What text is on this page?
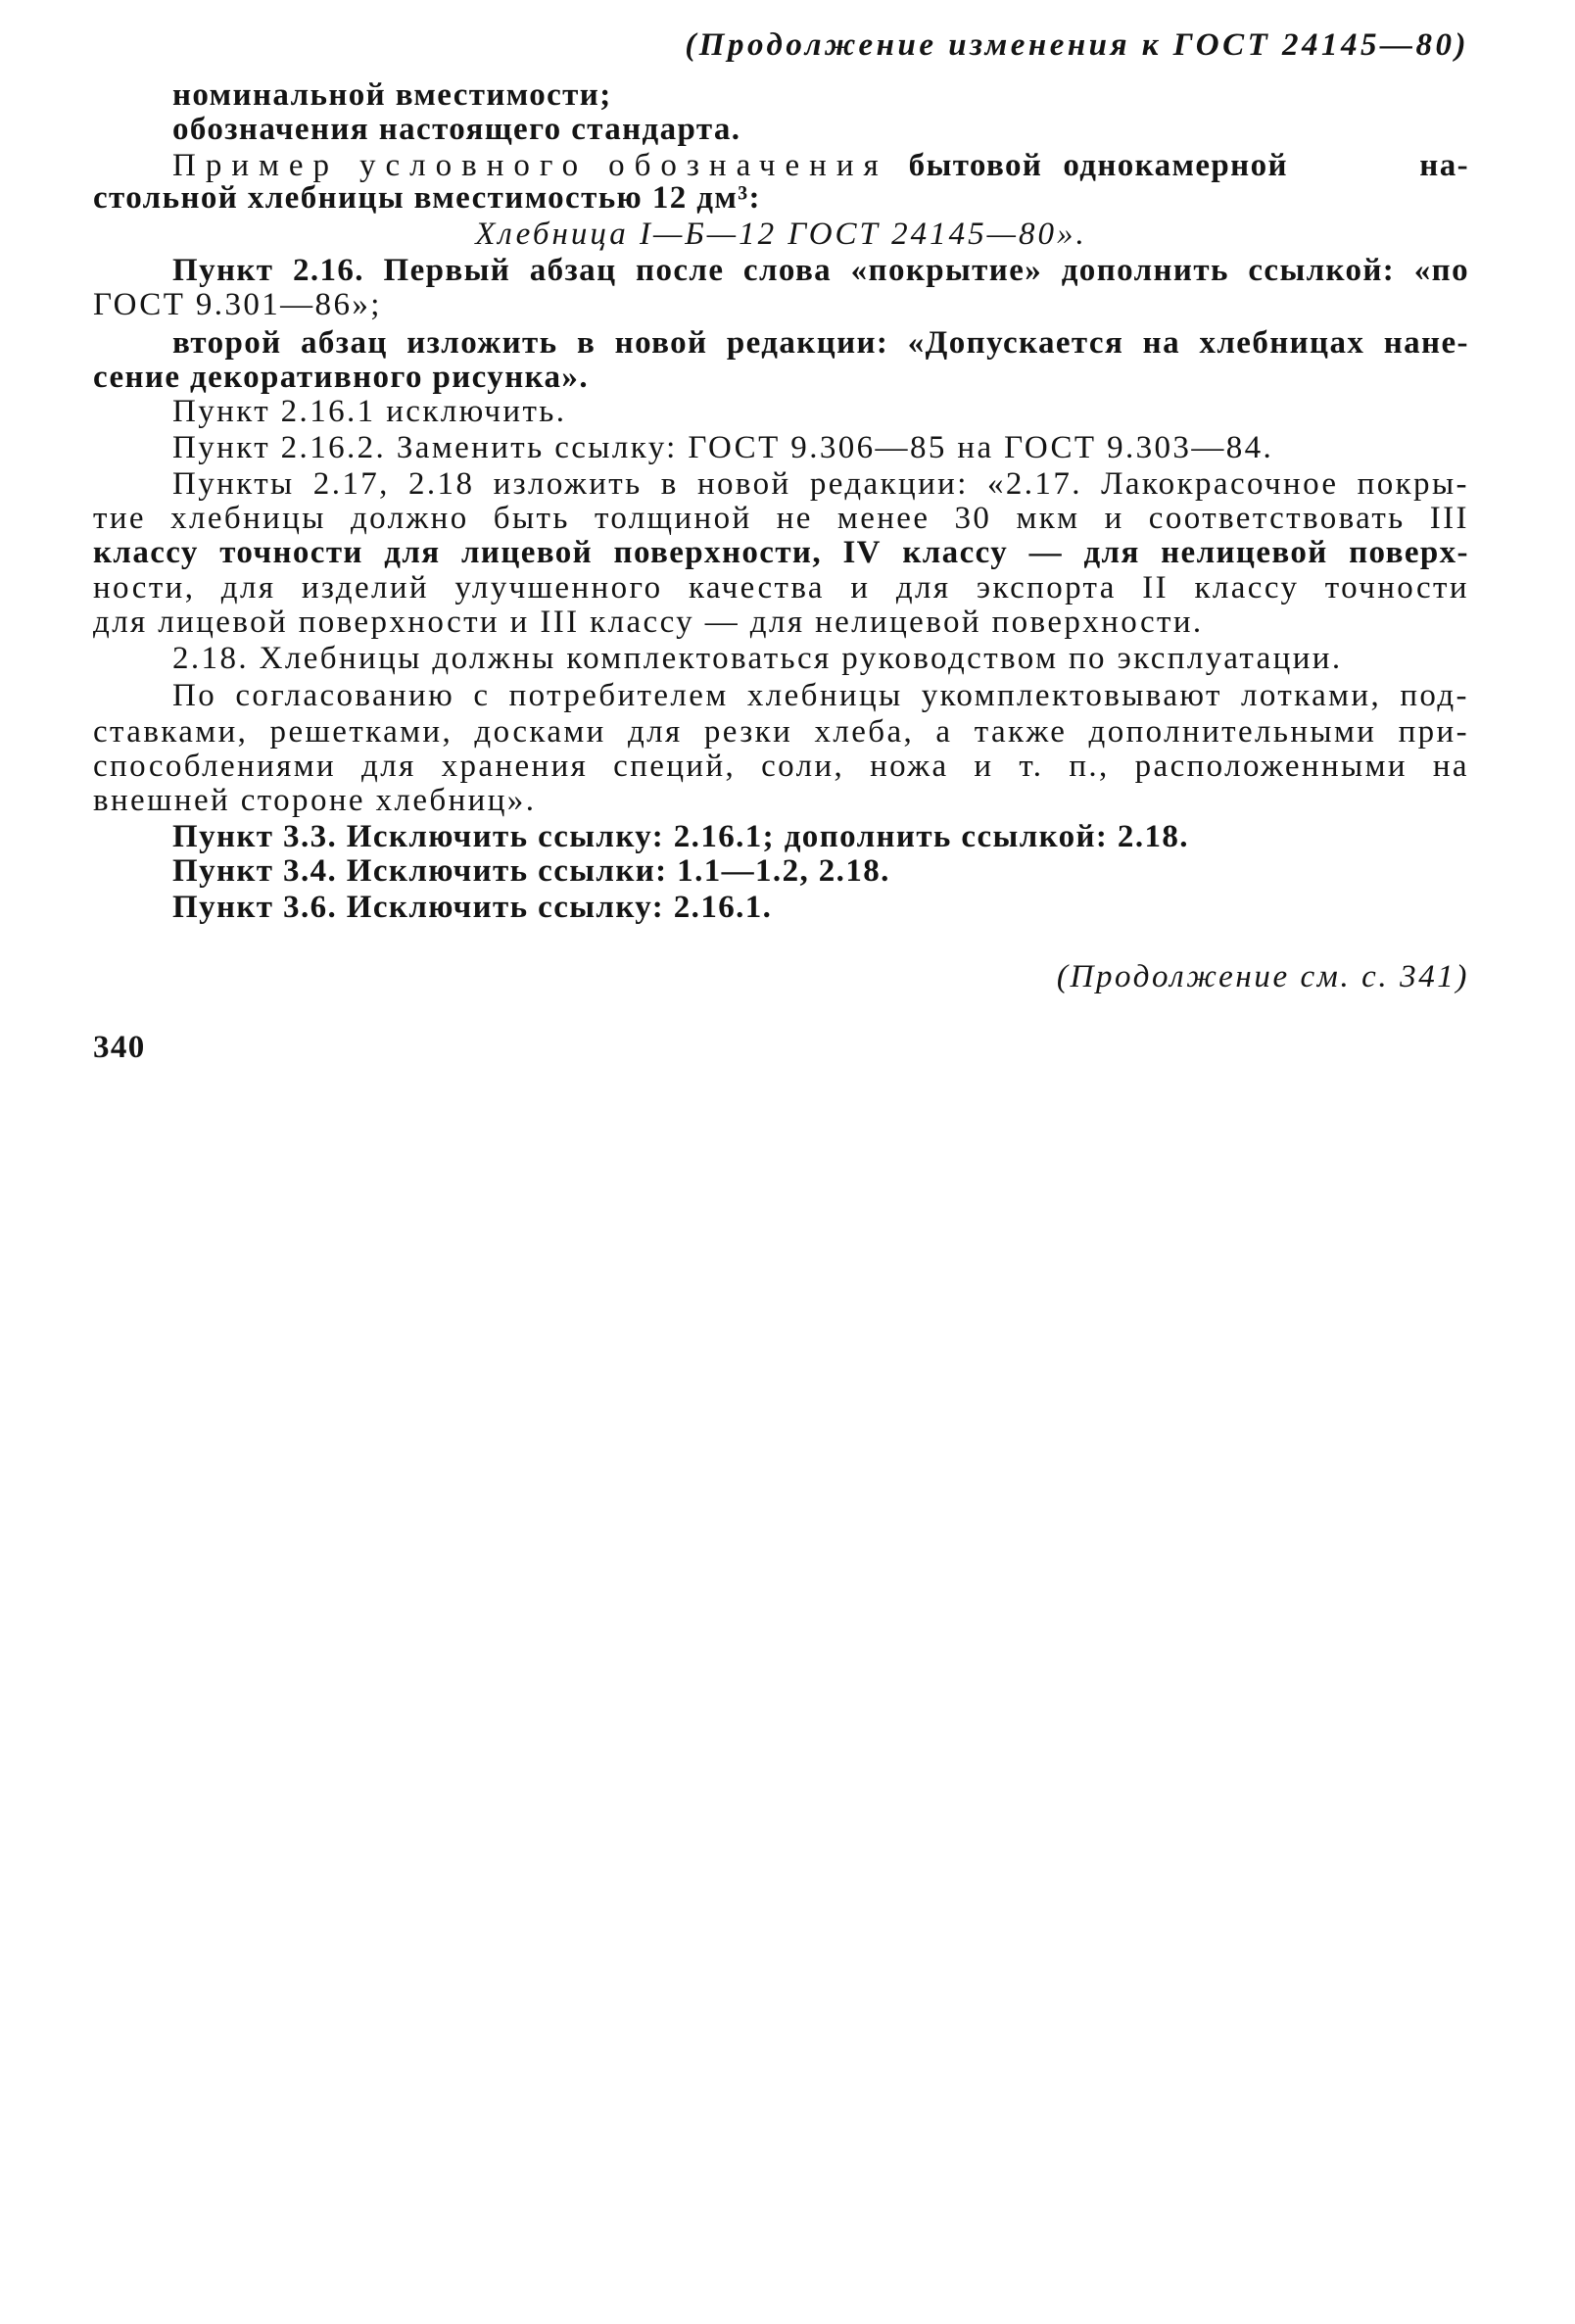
(Продолжение изменения к ГОСТ 24145—80)
номинальной вместимости;
обозначения настоящего стандарта.
Пример условного обозначения бытовой однокамерной	на-
стольной хлебницы вместимостью 12 дм³:
Хлебница I—Б—12 ГОСТ 24145—80».
Пункт 2.16. Первый абзац после слова «покрытие» дополнить ссылкой: «по
ГОСТ 9.301—86»;
второй абзац изложить в новой редакции: «Допускается на хлебницах нане-
сение декоративного рисунка».
Пункт 2.16.1 исключить.
Пункт 2.16.2. Заменить ссылку: ГОСТ 9.306—85 на ГОСТ 9.303—84.
Пункты 2.17, 2.18 изложить в новой редакции: «2.17. Лакокрасочное покры-
тие хлебницы должно быть толщиной не менее 30 мкм и соответствовать III
классу точности для лицевой поверхности, IV классу — для нелицевой поверх-
ности, для изделий улучшенного качества и для экспорта II классу точности
для лицевой поверхности и III классу — для нелицевой поверхности.
2.18. Хлебницы должны комплектоваться руководством по эксплуатации.
По согласованию с потребителем хлебницы укомплектовывают лотками, под-
ставками, решетками, досками для резки хлеба, а также дополнительными при-
способлениями для хранения специй, соли, ножа и т. п., расположенными на
внешней стороне хлебниц».
Пункт 3.3. Исключить ссылку: 2.16.1; дополнить ссылкой: 2.18.
Пункт 3.4. Исключить ссылки: 1.1—1.2, 2.18.
Пункт 3.6. Исключить ссылку: 2.16.1.
(Продолжение см. с. 341)
340
